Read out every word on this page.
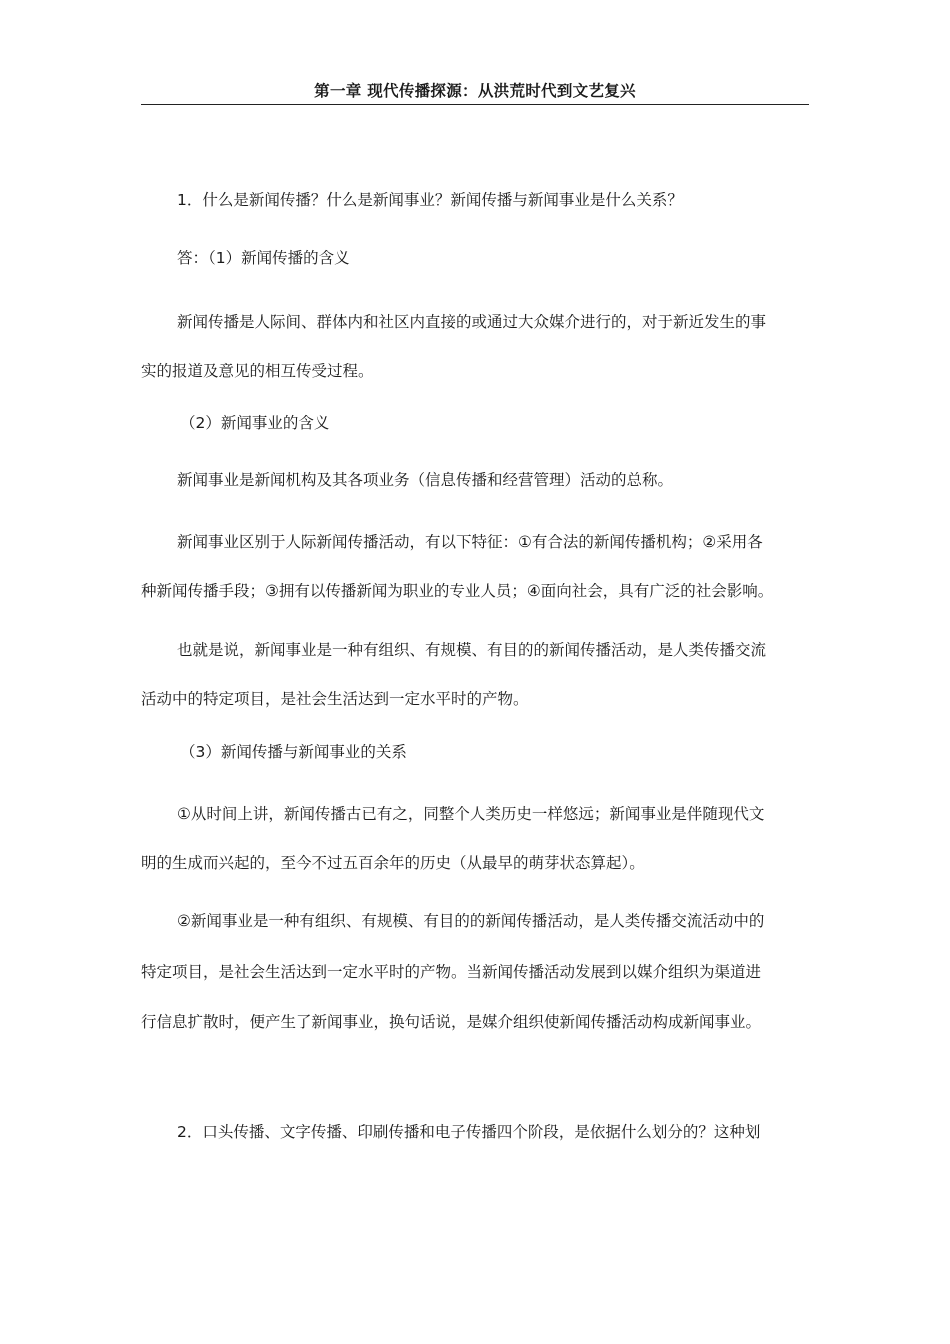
第一章 现代传播探源：从洪荒时代到文艺复兴
1．什么是新闻传播？什么是新闻事业？新闻传播与新闻事业是什么关系？
答：（1）新闻传播的含义
新闻传播是人际间、群体内和社区内直接的或通过大众媒介进行的，对于新近发生的事
实的报道及意见的相互传受过程。
（2）新闻事业的含义
新闻事业是新闻机构及其各项业务（信息传播和经营管理）活动的总称。
新闻事业区别于人际新闻传播活动，有以下特征：①有合法的新闻传播机构；②采用各
种新闻传播手段；③拥有以传播新闻为职业的专业人员；④面向社会，具有广泛的社会影响。
也就是说，新闻事业是一种有组织、有规模、有目的的新闻传播活动，是人类传播交流
活动中的特定项目，是社会生活达到一定水平时的产物。
（3）新闻传播与新闻事业的关系
①从时间上讲，新闻传播古已有之，同整个人类历史一样悠远；新闻事业是伴随现代文
明的生成而兴起的，至今不过五百余年的历史（从最早的萌芽状态算起）。
②新闻事业是一种有组织、有规模、有目的的新闻传播活动，是人类传播交流活动中的
特定项目，是社会生活达到一定水平时的产物。当新闻传播活动发展到以媒介组织为渠道进
行信息扩散时，便产生了新闻事业，换句话说，是媒介组织使新闻传播活动构成新闻事业。
2．口头传播、文字传播、印刷传播和电子传播四个阶段，是依据什么划分的？这种划
